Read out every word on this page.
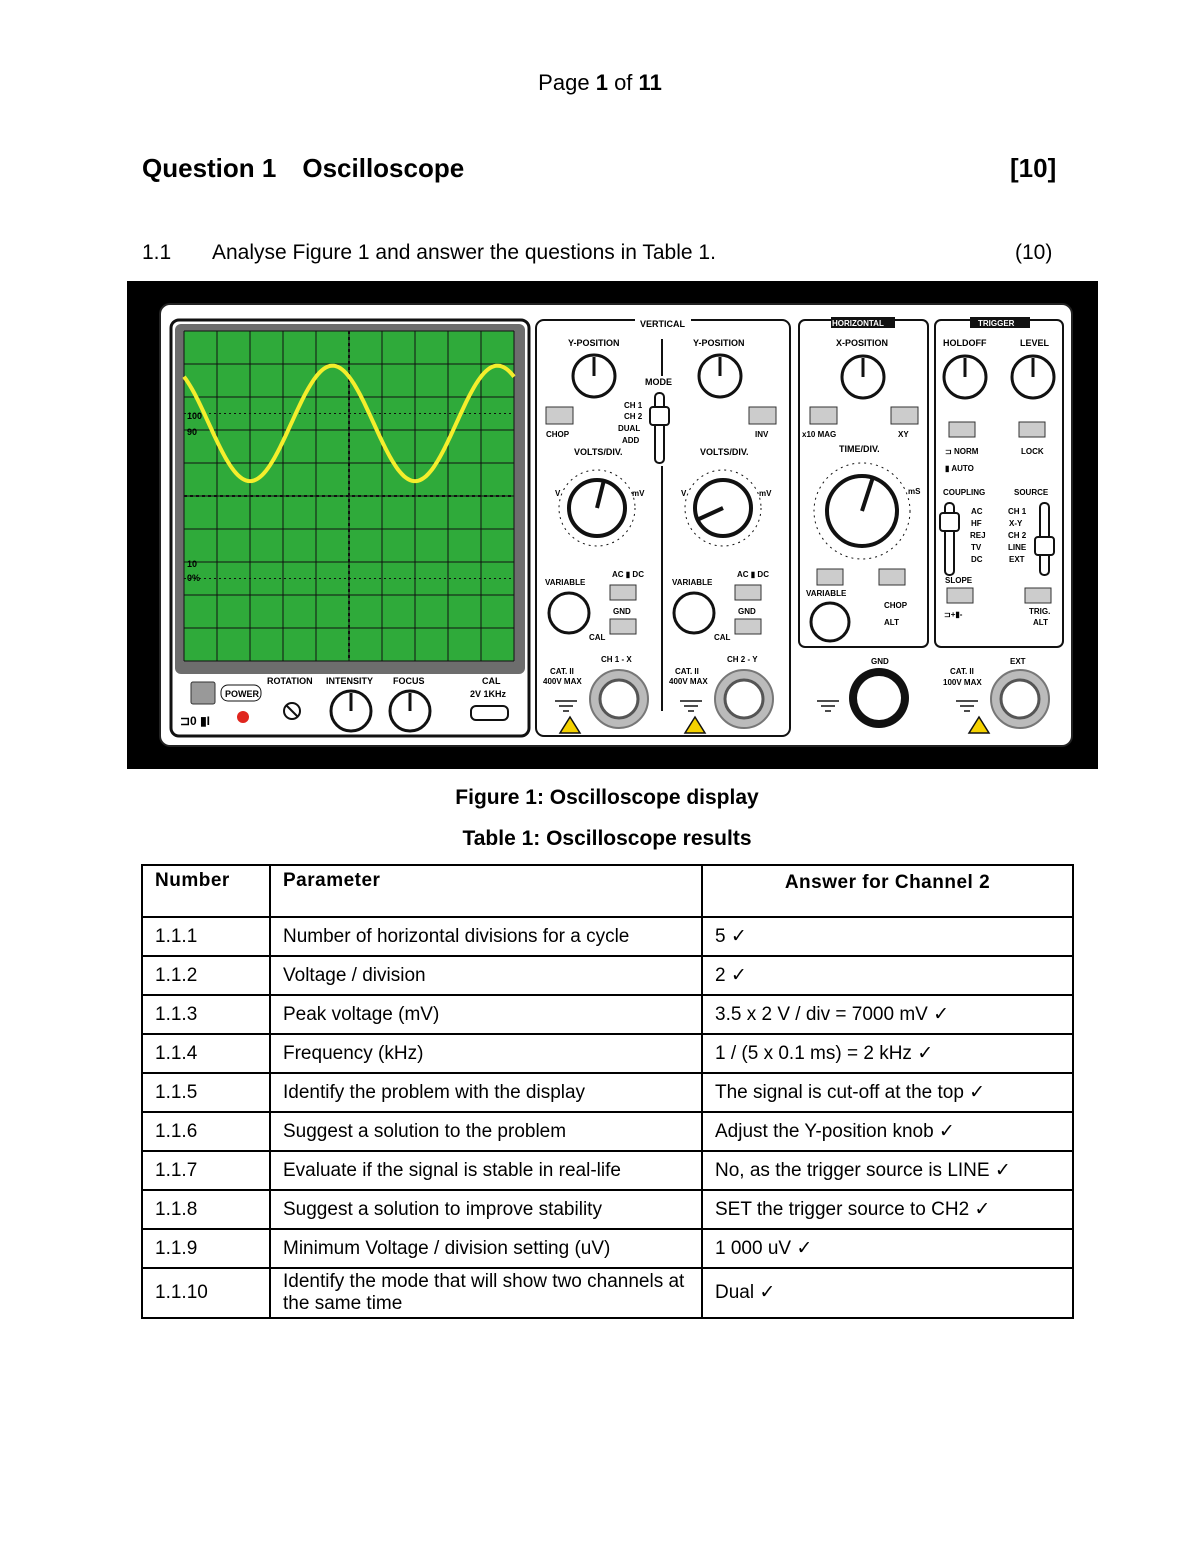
Page 1 of 11
Question 1 Oscilloscope	[10]
1.1 Analyse Figure 1 and answer the questions in Table 1.	(10)
100
90
10
0%
POWER
⊐0 ▮I
ROTATION INTENSITY FOCUS	CAL
2V 1KHz
VERTICAL
Y-POSITION	Y-POSITION
MODE
CH 1
CH 2
DUAL
ADD
CHOP	INV
VOLTS/DIV.	VOLTS/DIV.
V	mV	V	mV
VARIABLE
CAL
AC ▮ DC
GND
VARIABLE
CAL
AC ▮ DC
GND
CH 1 - X	CH 2 - Y
CAT. II
400V MAX
CAT. II
400V MAX
HORIZONTAL
X-POSITION
x10 MAG	XY
TIME/DIV.
mS
VARIABLE
CHOP
ALT
GND
TRIGGER
HOLDOFF	LEVEL
⊐ NORM
▮ AUTO
LOCK
COUPLING
AC
HF
REJ
TV
DC
SOURCE
CH 1
X-Y
CH 2
LINE
EXT
SLOPE
⊐+▮-	TRIG.
ALT
EXT
CAT. II
100V MAX
Figure 1: Oscilloscope display
Table 1: Oscilloscope results
Number	Parameter	Answer for Channel 2
1.1.1	Number of horizontal divisions for a cycle	5 ✓
1.1.2	Voltage / division	2 ✓
1.1.3	Peak voltage (mV)	3.5 x 2 V / div = 7000 mV ✓
1.1.4	Frequency (kHz)	1 / (5 x 0.1 ms) = 2 kHz ✓
1.1.5	Identify the problem with the display	The signal is cut-off at the top ✓
1.1.6	Suggest a solution to the problem	Adjust the Y-position knob ✓
1.1.7	Evaluate if the signal is stable in real-life	No, as the trigger source is LINE ✓
1.1.8	Suggest a solution to improve stability	SET the trigger source to CH2 ✓
1.1.9	Minimum Voltage / division setting (uV)	1 000 uV ✓
1.1.10	Identify the mode that will show two channels at the same time	Dual ✓
